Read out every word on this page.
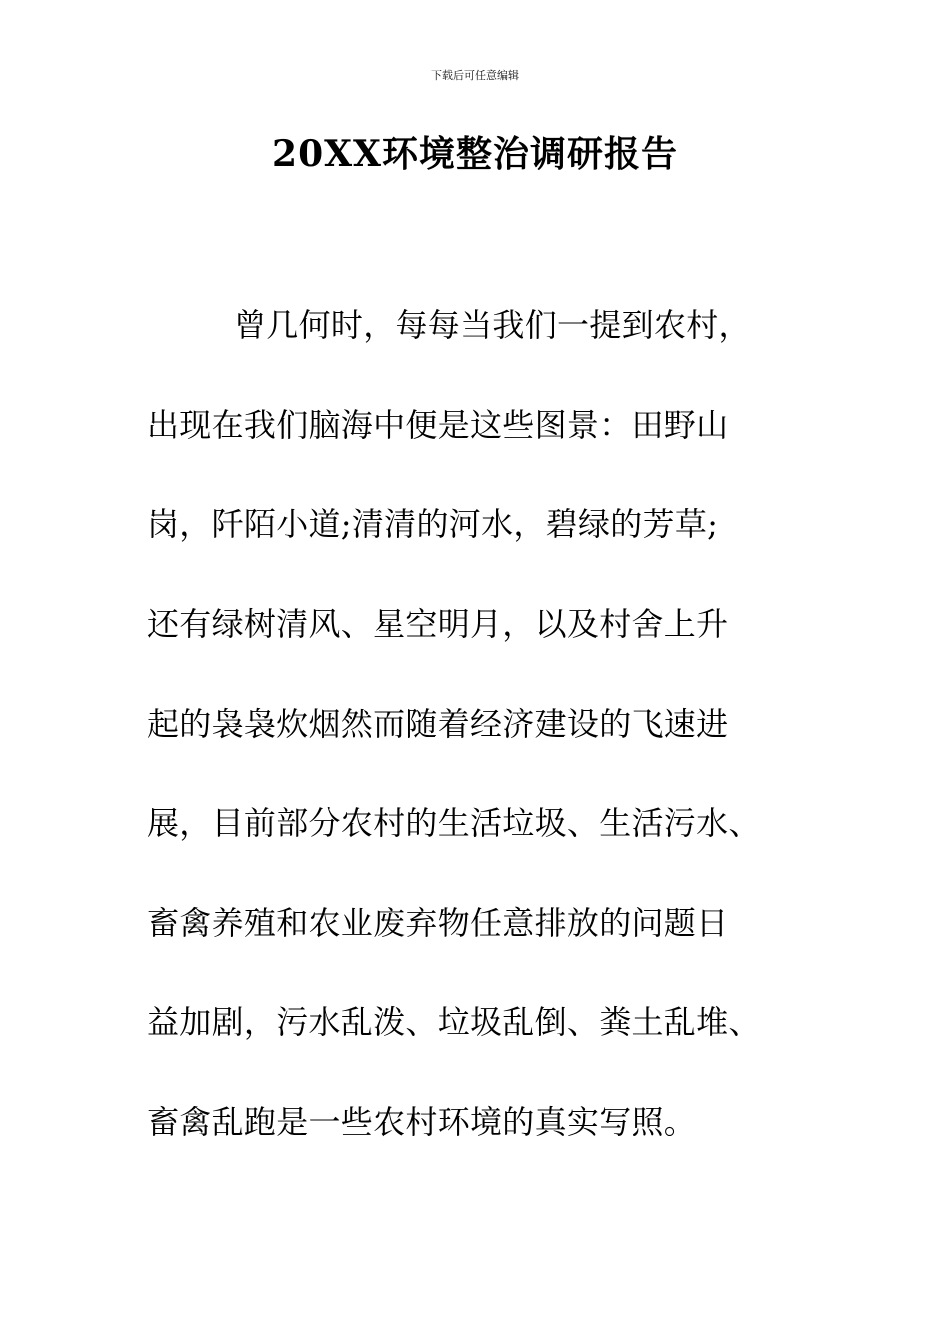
下载后可任意编辑
20XX环境整治调研报告
曾几何时，每每当我们一提到农村，
出现在我们脑海中便是这些图景：田野山
岗，阡陌小道;清清的河水，碧绿的芳草;
还有绿树清风、星空明月，以及村舍上升
起的袅袅炊烟然而随着经济建设的飞速进
展，目前部分农村的生活垃圾、生活污水、
畜禽养殖和农业废弃物任意排放的问题日
益加剧，污水乱泼、垃圾乱倒、粪土乱堆、
畜禽乱跑是一些农村环境的真实写照。
